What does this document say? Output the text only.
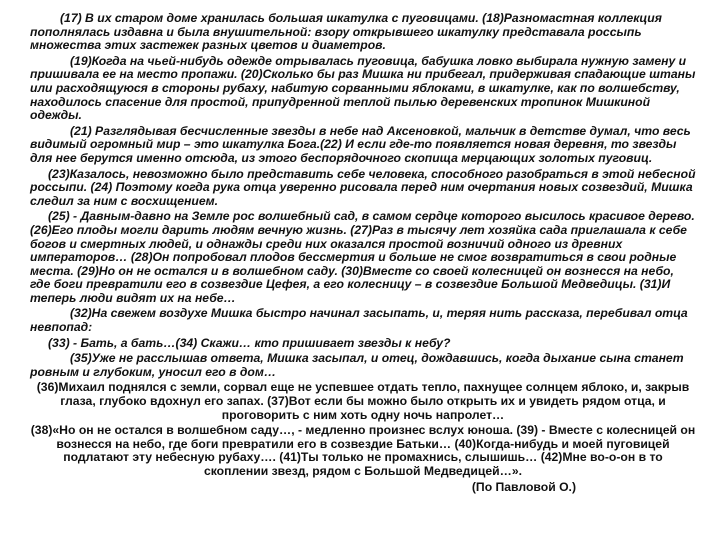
(17) В их старом доме хранилась большая шкатулка с пуговицами. (18)Разномастная коллекция пополнялась издавна и была внушительной: взору открывшего шкатулку представала россыпь множества этих застежек разных цветов и диаметров.

(19)Когда на чьей-нибудь одежде отрывалась пуговица, бабушка ловко выбирала нужную замену и пришивала ее на место пропажи. (20)Сколько бы раз Мишка ни прибегал, придерживая спадающие штаны или расходящуюся в стороны рубаху, набитую сорванными яблоками, в шкатулке, как по волшебству, находилось спасение для простой, припудренной теплой пылью деревенских тропинок Мишкиной одежды.

(21) Разглядывая бесчисленные звезды в небе над Аксеновкой, мальчик в детстве думал, что весь видимый огромный мир – это шкатулка Бога.(22) И если где-то появляется новая деревня, то звезды для нее берутся именно отсюда, из этого беспорядочного скопища мерцающих золотых пуговиц.

(23)Казалось, невозможно было представить себе человека, способного разобраться в этой небесной россыпи. (24) Поэтому когда рука отца уверенно рисовала перед ним очертания новых созвездий, Мишка следил за ним с восхищением.

(25) - Давным-давно на Земле рос волшебный сад, в самом сердце которого высилось красивое дерево. (26)Его плоды могли дарить людям вечную жизнь. (27)Раз в тысячу лет хозяйка сада приглашала к себе богов и смертных людей, и однажды среди них оказался простой возничий одного из древних императоров… (28)Он попробовал плодов бессмертия и больше не смог возвратиться в свои родные места. (29)Но он не остался и в волшебном саду. (30)Вместе со своей колесницей он вознесся на небо, где боги превратили его в созвездие Цефея, а его колесницу – в созвездие Большой Медведицы. (31)И теперь люди видят их на небе…

(32)На свежем воздухе Мишка быстро начинал засыпать, и, теряя нить рассказа, перебивал отца невпопад:

(33) - Бать, а бать…(34) Скажи… кто пришивает звезды к небу?

(35)Уже не расслышав ответа, Мишка засыпал, и отец, дождавшись, когда дыхание сына станет ровным и глубоким, уносил его в дом…

(36)Михаил поднялся с земли, сорвал еще не успевшее отдать тепло, пахнущее солнцем яблоко, и, закрыв глаза, глубоко вдохнул его запах. (37)Вот если бы можно было открыть их и увидеть рядом отца, и проговорить с ним хоть одну ночь напролет…

(38)«Но он не остался в волшебном саду…, - медленно произнес вслух юноша. (39) - Вместе с колесницей он вознесся на небо, где боги превратили его в созвездие Батьки… (40)Когда-нибудь и моей пуговицей подлатают эту небесную рубаху…. (41)Ты только не промахнись, слышишь… (42)Мне во-о-он в то скоплении звезд, рядом с Большой Медведицей…».

(По Павловой О.)
